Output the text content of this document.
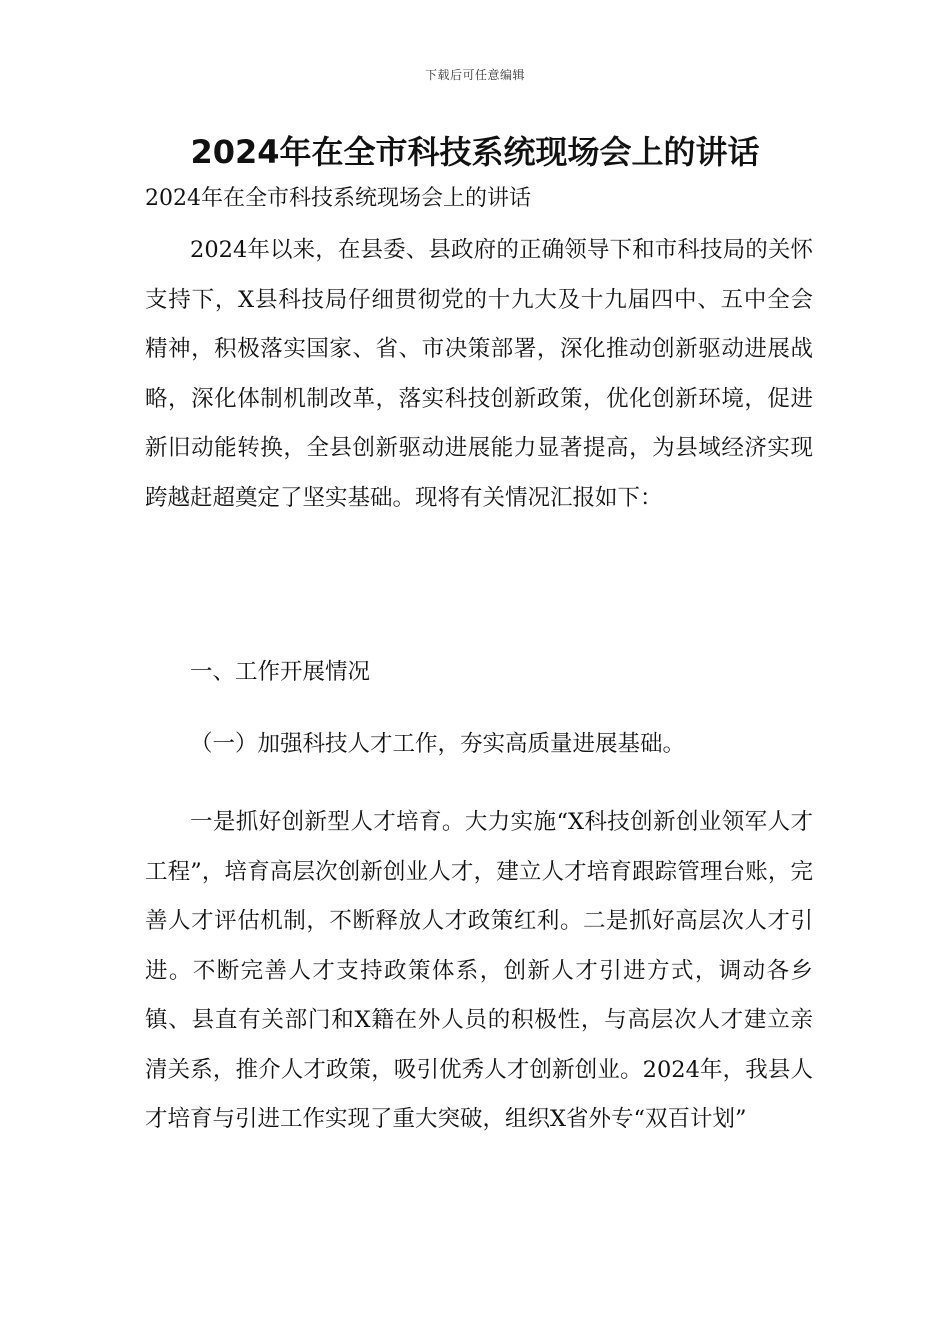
下载后可任意编辑
2024年在全市科技系统现场会上的讲话
2024年在全市科技系统现场会上的讲话

2024年以来，在县委、县政府的正确领导下和市科技局的关怀支持下，X县科技局仔细贯彻党的十九大及十九届四中、五中全会精神，积极落实国家、省、市决策部署，深化推动创新驱动进展战略，深化体制机制改革，落实科技创新政策，优化创新环境，促进新旧动能转换，全县创新驱动进展能力显著提高，为县域经济实现跨越赶超奠定了坚实基础。现将有关情况汇报如下：

一、工作开展情况

（一）加强科技人才工作，夯实高质量进展基础。

一是抓好创新型人才培育。大力实施“X科技创新创业领军人才工程”，培育高层次创新创业人才，建立人才培育跟踪管理台账，完善人才评估机制，不断释放人才政策红利。二是抓好高层次人才引进。不断完善人才支持政策体系，创新人才引进方式，调动各乡镇、县直有关部门和X籍在外人员的积极性，与高层次人才建立亲清关系，推介人才政策，吸引优秀人才创新创业。2024年，我县人才培育与引进工作实现了重大突破，组织X省外专“双百计划”
